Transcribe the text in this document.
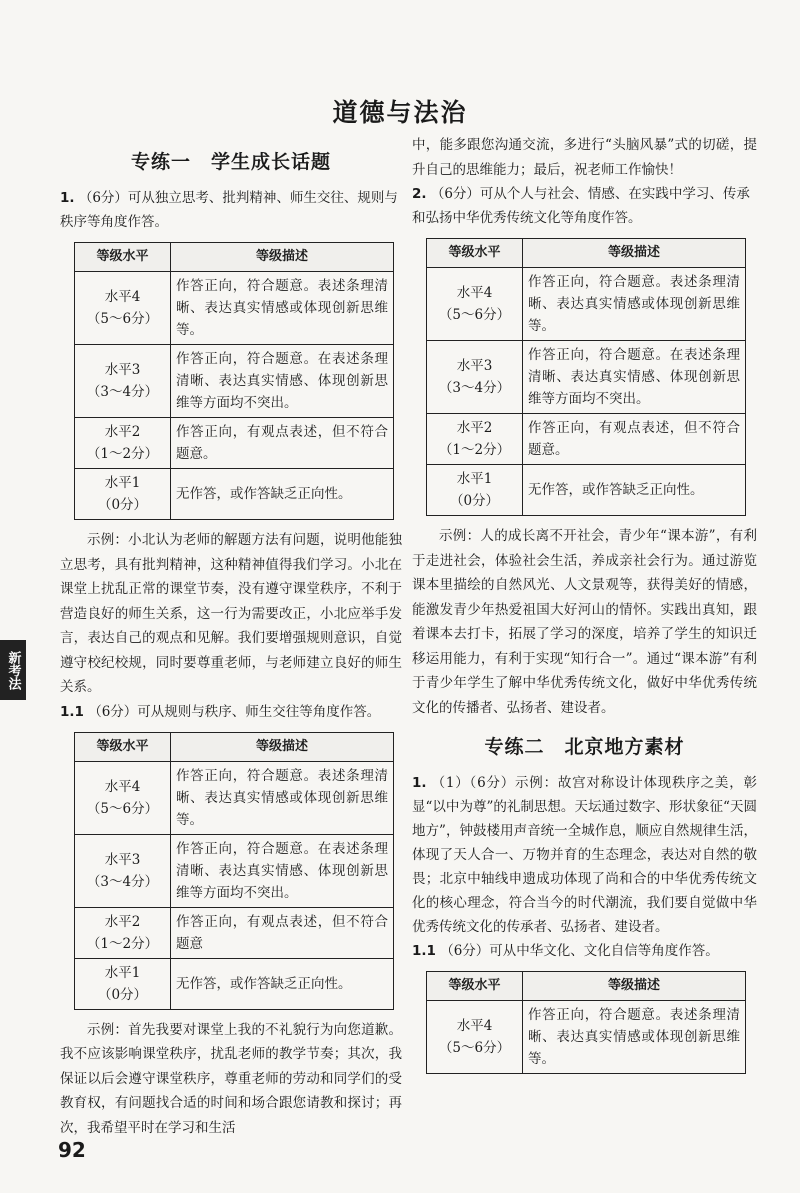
道德与法治
新考法
专练一　学生成长话题

1. （6分）可从独立思考、批判精神、师生交往、规则与秩序等角度作答。

等级水平	等级描述
水平4
（5～6分）	作答正向，符合题意。表述条理清晰、表达真实情感或体现创新思维等。
水平3
（3～4分）	作答正向，符合题意。在表述条理清晰、表达真实情感、体现创新思维等方面均不突出。
水平2
（1～2分）	作答正向，有观点表述，但不符合题意。
水平1
（0分）	无作答，或作答缺乏正向性。

示例：小北认为老师的解题方法有问题，说明他能独立思考，具有批判精神，这种精神值得我们学习。小北在课堂上扰乱正常的课堂节奏，没有遵守课堂秩序，不利于营造良好的师生关系，这一行为需要改正，小北应举手发言，表达自己的观点和见解。我们要增强规则意识，自觉遵守校纪校规，同时要尊重老师，与老师建立良好的师生关系。

1.1 （6分）可从规则与秩序、师生交往等角度作答。

等级水平	等级描述
水平4
（5～6分）	作答正向，符合题意。表述条理清晰、表达真实情感或体现创新思维等。
水平3
（3～4分）	作答正向，符合题意。在表述条理清晰、表达真实情感、体现创新思维等方面均不突出。
水平2
（1～2分）	作答正向，有观点表述，但不符合题意
水平1
（0分）	无作答，或作答缺乏正向性。

示例：首先我要对课堂上我的不礼貌行为向您道歉。我不应该影响课堂秩序，扰乱老师的教学节奏；其次，我保证以后会遵守课堂秩序，尊重老师的劳动和同学们的受教育权，有问题找合适的时间和场合跟您请教和探讨；再次，我希望平时在学习和生活

中，能多跟您沟通交流，多进行“头脑风暴”式的切磋，提升自己的思维能力；最后，祝老师工作愉快！

2. （6分）可从个人与社会、情感、在实践中学习、传承和弘扬中华优秀传统文化等角度作答。

等级水平	等级描述
水平4
（5～6分）	作答正向，符合题意。表述条理清晰、表达真实情感或体现创新思维等。
水平3
（3～4分）	作答正向，符合题意。在表述条理清晰、表达真实情感、体现创新思维等方面均不突出。
水平2
（1～2分）	作答正向，有观点表述，但不符合题意。
水平1
（0分）	无作答，或作答缺乏正向性。

示例：人的成长离不开社会，青少年“课本游”，有利于走进社会，体验社会生活，养成亲社会行为。通过游览课本里描绘的自然风光、人文景观等，获得美好的情感，能激发青少年热爱祖国大好河山的情怀。实践出真知，跟着课本去打卡，拓展了学习的深度，培养了学生的知识迁移运用能力，有利于实现“知行合一”。通过“课本游”有利于青少年学生了解中华优秀传统文化，做好中华优秀传统文化的传播者、弘扬者、建设者。

专练二　北京地方素材

1. （1）（6分）示例：故宫对称设计体现秩序之美，彰显“以中为尊”的礼制思想。天坛通过数字、形状象征“天圆地方”，钟鼓楼用声音统一全城作息，顺应自然规律生活，体现了天人合一、万物并育的生态理念，表达对自然的敬畏；北京中轴线申遗成功体现了尚和合的中华优秀传统文化的核心理念，符合当今的时代潮流，我们要自觉做中华优秀传统文化的传承者、弘扬者、建设者。

1.1 （6分）可从中华文化、文化自信等角度作答。

等级水平	等级描述
水平4
（5～6分）	作答正向，符合题意。表述条理清晰、表达真实情感或体现创新思维等。
92
